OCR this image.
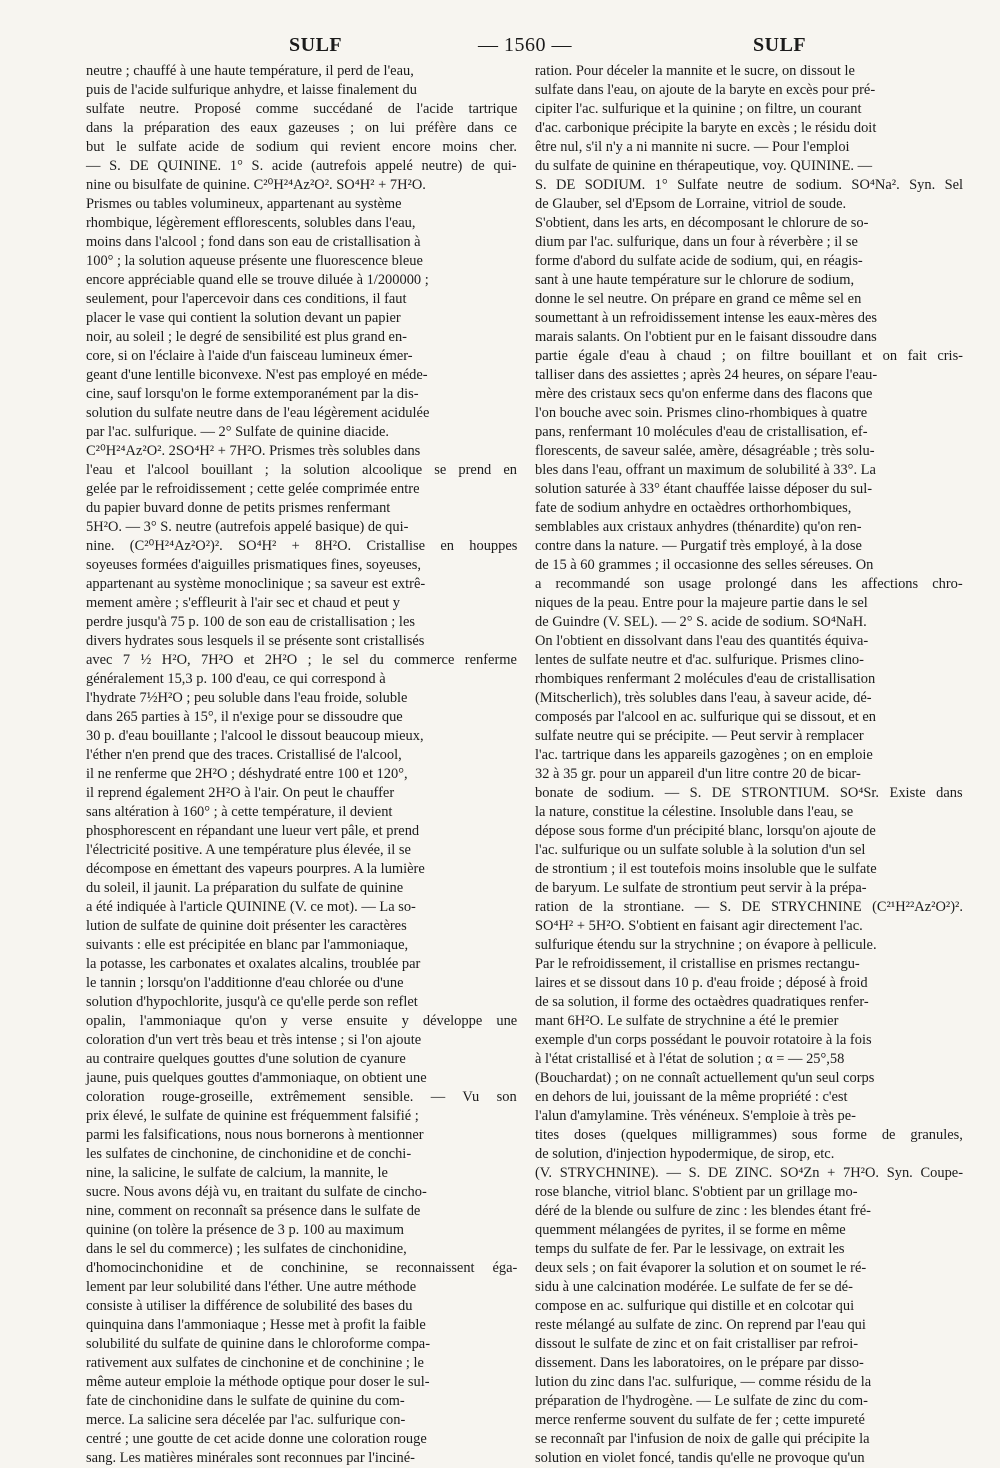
SULF	— 1560 —	SULF
neutre ; chauffé à une haute température, il perd de l'eau,
puis de l'acide sulfurique anhydre, et laisse finalement du
sulfate neutre. Proposé comme succédané de l'acide tartrique
dans la préparation des eaux gazeuses ; on lui préfère dans ce
but le sulfate acide de sodium qui revient encore moins cher.
— S. DE QUININE. 1° S. acide (autrefois appelé neutre) de qui-
nine ou bisulfate de quinine. C²⁰H²⁴Az²O². SO⁴H² + 7H²O.
Prismes ou tables volumineux, appartenant au système
rhombique, légèrement efflorescents, solubles dans l'eau,
moins dans l'alcool ; fond dans son eau de cristallisation à
100° ; la solution aqueuse présente une fluorescence bleue
encore appréciable quand elle se trouve diluée à 1/200000 ;
seulement, pour l'apercevoir dans ces conditions, il faut
placer le vase qui contient la solution devant un papier
noir, au soleil ; le degré de sensibilité est plus grand en-
core, si on l'éclaire à l'aide d'un faisceau lumineux émer-
geant d'une lentille biconvexe. N'est pas employé en méde-
cine, sauf lorsqu'on le forme extemporanément par la dis-
solution du sulfate neutre dans de l'eau légèrement acidulée
par l'ac. sulfurique. — 2° Sulfate de quinine diacide.
C²⁰H²⁴Az²O². 2SO⁴H² + 7H²O. Prismes très solubles dans
l'eau et l'alcool bouillant ; la solution alcoolique se prend en
gelée par le refroidissement ; cette gelée comprimée entre
du papier buvard donne de petits prismes renfermant
5H²O. — 3° S. neutre (autrefois appelé basique) de qui-
nine. (C²⁰H²⁴Az²O²)². SO⁴H² + 8H²O. Cristallise en houppes
soyeuses formées d'aiguilles prismatiques fines, soyeuses,
appartenant au système monoclinique ; sa saveur est extrê-
mement amère ; s'effleurit à l'air sec et chaud et peut y
perdre jusqu'à 75 p. 100 de son eau de cristallisation ; les
divers hydrates sous lesquels il se présente sont cristallisés
avec 7 ½ H²O, 7H²O et 2H²O ; le sel du commerce renferme
généralement 15,3 p. 100 d'eau, ce qui correspond à
l'hydrate 7½H²O ; peu soluble dans l'eau froide, soluble
dans 265 parties à 15°, il n'exige pour se dissoudre que
30 p. d'eau bouillante ; l'alcool le dissout beaucoup mieux,
l'éther n'en prend que des traces. Cristallisé de l'alcool,
il ne renferme que 2H²O ; déshydraté entre 100 et 120°,
il reprend également 2H²O à l'air. On peut le chauffer
sans altération à 160° ; à cette température, il devient
phosphorescent en répandant une lueur vert pâle, et prend
l'électricité positive. A une température plus élevée, il se
décompose en émettant des vapeurs pourpres. A la lumière
du soleil, il jaunit. La préparation du sulfate de quinine
a été indiquée à l'article QUININE (V. ce mot). — La so-
lution de sulfate de quinine doit présenter les caractères
suivants : elle est précipitée en blanc par l'ammoniaque,
la potasse, les carbonates et oxalates alcalins, troublée par
le tannin ; lorsqu'on l'additionne d'eau chlorée ou d'une
solution d'hypochlorite, jusqu'à ce qu'elle perde son reflet
opalin, l'ammoniaque qu'on y verse ensuite y développe une
coloration d'un vert très beau et très intense ; si l'on ajoute
au contraire quelques gouttes d'une solution de cyanure
jaune, puis quelques gouttes d'ammoniaque, on obtient une
coloration rouge-groseille, extrêmement sensible. — Vu son
prix élevé, le sulfate de quinine est fréquemment falsifié ;
parmi les falsifications, nous nous bornerons à mentionner
les sulfates de cinchonine, de cinchonidine et de conchi-
nine, la salicine, le sulfate de calcium, la mannite, le
sucre. Nous avons déjà vu, en traitant du sulfate de cincho-
nine, comment on reconnaît sa présence dans le sulfate de
quinine (on tolère la présence de 3 p. 100 au maximum
dans le sel du commerce) ; les sulfates de cinchonidine,
d'homocinchonidine et de conchinine, se reconnaissent éga-
lement par leur solubilité dans l'éther. Une autre méthode
consiste à utiliser la différence de solubilité des bases du
quinquina dans l'ammoniaque ; Hesse met à profit la faible
solubilité du sulfate de quinine dans le chloroforme compa-
rativement aux sulfates de cinchonine et de conchinine ; le
même auteur emploie la méthode optique pour doser le sul-
fate de cinchonidine dans le sulfate de quinine du com-
merce. La salicine sera décelée par l'ac. sulfurique con-
centré ; une goutte de cet acide donne une coloration rouge
sang. Les matières minérales sont reconnues par l'inciné-
ration. Pour déceler la mannite et le sucre, on dissout le
sulfate dans l'eau, on ajoute de la baryte en excès pour pré-
cipiter l'ac. sulfurique et la quinine ; on filtre, un courant
d'ac. carbonique précipite la baryte en excès ; le résidu doit
être nul, s'il n'y a ni mannite ni sucre. — Pour l'emploi
du sulfate de quinine en thérapeutique, voy. QUININE. —
S. DE SODIUM. 1° Sulfate neutre de sodium. SO⁴Na². Syn. Sel
de Glauber, sel d'Epsom de Lorraine, vitriol de soude.
S'obtient, dans les arts, en décomposant le chlorure de so-
dium par l'ac. sulfurique, dans un four à réverbère ; il se
forme d'abord du sulfate acide de sodium, qui, en réagis-
sant à une haute température sur le chlorure de sodium,
donne le sel neutre. On prépare en grand ce même sel en
soumettant à un refroidissement intense les eaux-mères des
marais salants. On l'obtient pur en le faisant dissoudre dans
partie égale d'eau à chaud ; on filtre bouillant et on fait cris-
talliser dans des assiettes ; après 24 heures, on sépare l'eau-
mère des cristaux secs qu'on enferme dans des flacons que
l'on bouche avec soin. Prismes clino-rhombiques à quatre
pans, renfermant 10 molécules d'eau de cristallisation, ef-
florescents, de saveur salée, amère, désagréable ; très solu-
bles dans l'eau, offrant un maximum de solubilité à 33°. La
solution saturée à 33° étant chauffée laisse déposer du sul-
fate de sodium anhydre en octaèdres orthorhombiques,
semblables aux cristaux anhydres (thénardite) qu'on ren-
contre dans la nature. — Purgatif très employé, à la dose
de 15 à 60 grammes ; il occasionne des selles séreuses. On
a recommandé son usage prolongé dans les affections chro-
niques de la peau. Entre pour la majeure partie dans le sel
de Guindre (V. SEL). — 2° S. acide de sodium. SO⁴NaH.
On l'obtient en dissolvant dans l'eau des quantités équiva-
lentes de sulfate neutre et d'ac. sulfurique. Prismes clino-
rhombiques renfermant 2 molécules d'eau de cristallisation
(Mitscherlich), très solubles dans l'eau, à saveur acide, dé-
composés par l'alcool en ac. sulfurique qui se dissout, et en
sulfate neutre qui se précipite. — Peut servir à remplacer
l'ac. tartrique dans les appareils gazogènes ; on en emploie
32 à 35 gr. pour un appareil d'un litre contre 20 de bicar-
bonate de sodium. — S. DE STRONTIUM. SO⁴Sr. Existe dans
la nature, constitue la célestine. Insoluble dans l'eau, se
dépose sous forme d'un précipité blanc, lorsqu'on ajoute de
l'ac. sulfurique ou un sulfate soluble à la solution d'un sel
de strontium ; il est toutefois moins insoluble que le sulfate
de baryum. Le sulfate de strontium peut servir à la prépa-
ration de la strontiane. — S. DE STRYCHNINE (C²¹H²²Az²O²)².
SO⁴H² + 5H²O. S'obtient en faisant agir directement l'ac.
sulfurique étendu sur la strychnine ; on évapore à pellicule.
Par le refroidissement, il cristallise en prismes rectangu-
laires et se dissout dans 10 p. d'eau froide ; déposé à froid
de sa solution, il forme des octaèdres quadratiques renfer-
mant 6H²O. Le sulfate de strychnine a été le premier
exemple d'un corps possédant le pouvoir rotatoire à la fois
à l'état cristallisé et à l'état de solution ; α = — 25°,58
(Bouchardat) ; on ne connaît actuellement qu'un seul corps
en dehors de lui, jouissant de la même propriété : c'est
l'alun d'amylamine. Très vénéneux. S'emploie à très pe-
tites doses (quelques milligrammes) sous forme de granules,
de solution, d'injection hypodermique, de sirop, etc.
(V. STRYCHNINE). — S. DE ZINC. SO⁴Zn + 7H²O. Syn. Coupe-
rose blanche, vitriol blanc. S'obtient par un grillage mo-
déré de la blende ou sulfure de zinc : les blendes étant fré-
quemment mélangées de pyrites, il se forme en même
temps du sulfate de fer. Par le lessivage, on extrait les
deux sels ; on fait évaporer la solution et on soumet le ré-
sidu à une calcination modérée. Le sulfate de fer se dé-
compose en ac. sulfurique qui distille et en colcotar qui
reste mélangé au sulfate de zinc. On reprend par l'eau qui
dissout le sulfate de zinc et on fait cristalliser par refroi-
dissement. Dans les laboratoires, on le prépare par disso-
lution du zinc dans l'ac. sulfurique, — comme résidu de la
préparation de l'hydrogène. — Le sulfate de zinc du com-
merce renferme souvent du sulfate de fer ; cette impureté
se reconnaît par l'infusion de noix de galle qui précipite la
solution en violet foncé, tandis qu'elle ne provoque qu'un
